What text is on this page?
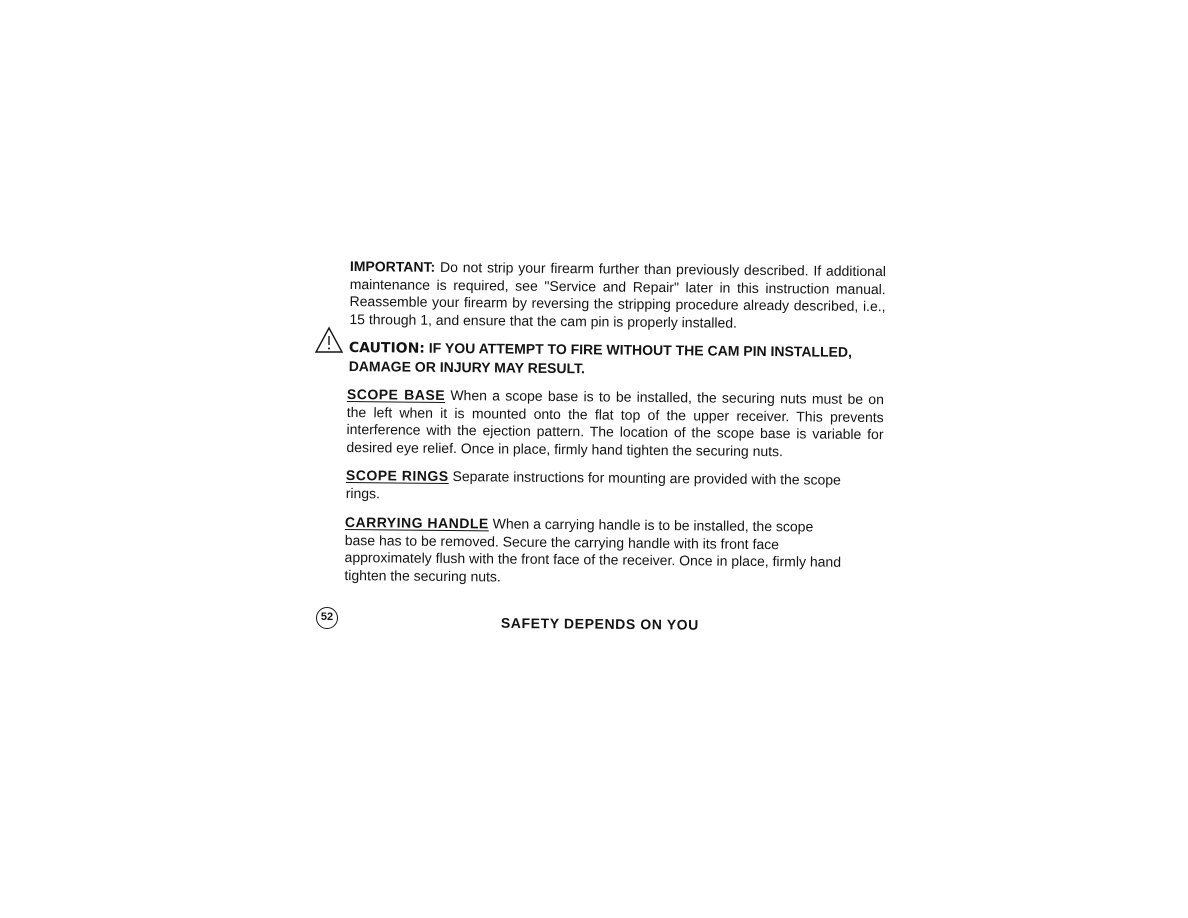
IMPORTANT: Do not strip your firearm further than previously described. If additional maintenance is required, see "Service and Repair" later in this instruction manual. Reassemble your firearm by reversing the stripping procedure already described, i.e., 15 through 1, and ensure that the cam pin is properly installed.

CAUTION: IF YOU ATTEMPT TO FIRE WITHOUT THE CAM PIN INSTALLED, DAMAGE OR INJURY MAY RESULT.

SCOPE BASE When a scope base is to be installed, the securing nuts must be on the left when it is mounted onto the flat top of the upper receiver. This prevents interference with the ejection pattern. The location of the scope base is variable for desired eye relief. Once in place, firmly hand tighten the securing nuts.

SCOPE RINGS Separate instructions for mounting are provided with the scope rings.

CARRYING HANDLE When a carrying handle is to be installed, the scope base has to be removed. Secure the carrying handle with its front face approximately flush with the front face of the receiver. Once in place, firmly hand tighten the securing nuts.

52	SAFETY DEPENDS ON YOU
